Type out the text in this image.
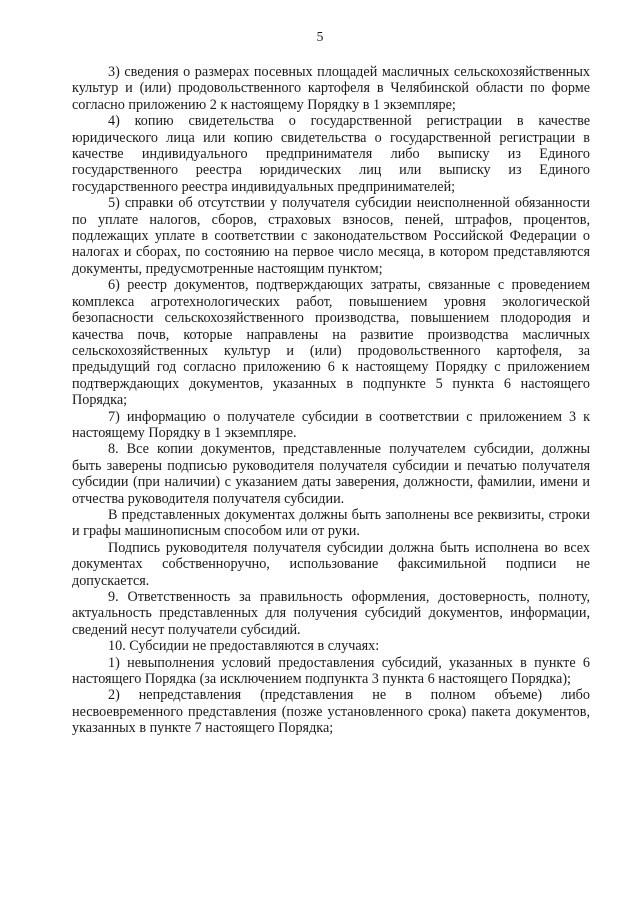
5

3) сведения о размерах посевных площадей масличных сельскохозяйственных культур и (или) продовольственного картофеля в Челябинской области по форме согласно приложению 2 к настоящему Порядку в 1 экземпляре;

4) копию свидетельства о государственной регистрации в качестве юридического лица или копию свидетельства о государственной регистрации в качестве индивидуального предпринимателя либо выписку из Единого государственного реестра юридических лиц или выписку из Единого государственного реестра индивидуальных предпринимателей;

5) справки об отсутствии у получателя субсидии неисполненной обязанности по уплате налогов, сборов, страховых взносов, пеней, штрафов, процентов, подлежащих уплате в соответствии с законодательством Российской Федерации о налогах и сборах, по состоянию на первое число месяца, в котором представляются документы, предусмотренные настоящим пунктом;

6) реестр документов, подтверждающих затраты, связанные с проведением комплекса агротехнологических работ, повышением уровня экологической безопасности сельскохозяйственного производства, повышением плодородия и качества почв, которые направлены на развитие производства масличных сельскохозяйственных культур и (или) продовольственного картофеля, за предыдущий год согласно приложению 6 к настоящему Порядку с приложением подтверждающих документов, указанных в подпункте 5 пункта 6 настоящего Порядка;

7) информацию о получателе субсидии в соответствии с приложением 3 к настоящему Порядку в 1 экземпляре.

8. Все копии документов, представленные получателем субсидии, должны быть заверены подписью руководителя получателя субсидии и печатью получателя субсидии (при наличии) с указанием даты заверения, должности, фамилии, имени и отчества руководителя получателя субсидии.

В представленных документах должны быть заполнены все реквизиты, строки и графы машинописным способом или от руки.

Подпись руководителя получателя субсидии должна быть исполнена во всех документах собственноручно, использование факсимильной подписи не допускается.

9. Ответственность за правильность оформления, достоверность, полноту, актуальность представленных для получения субсидий документов, информации, сведений несут получатели субсидий.

10. Субсидии не предоставляются в случаях:

1) невыполнения условий предоставления субсидий, указанных в пункте 6 настоящего Порядка (за исключением подпункта 3 пункта 6 настоящего Порядка);

2) непредставления (представления не в полном объеме) либо несвоевременного представления (позже установленного срока) пакета документов, указанных в пункте 7 настоящего Порядка;
